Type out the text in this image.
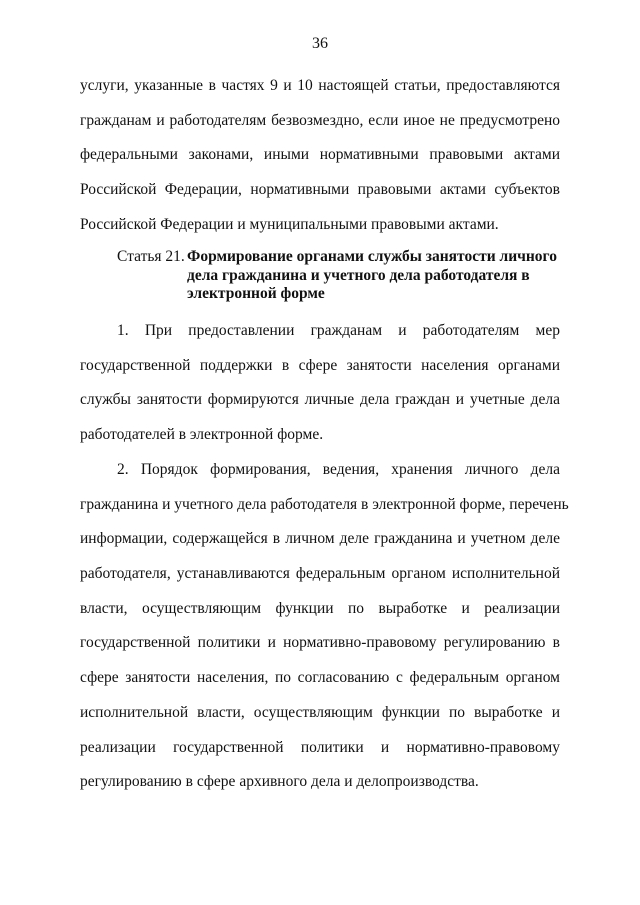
36
услуги, указанные в частях 9 и 10 настоящей статьи, предоставляются
гражданам и работодателям безвозмездно, если иное не предусмотрено
федеральными законами, иными нормативными правовыми актами
Российской Федерации, нормативными правовыми актами субъектов
Российской Федерации и муниципальными правовыми актами.
Статья 21. Формирование органами службы занятости личного
дела гражданина и учетного дела работодателя в
электронной форме
1. При предоставлении гражданам и работодателям мер
государственной поддержки в сфере занятости населения органами
службы занятости формируются личные дела граждан и учетные дела
работодателей в электронной форме.
2. Порядок формирования, ведения, хранения личного дела
гражданина и учетного дела работодателя в электронной форме, перечень
информации, содержащейся в личном деле гражданина и учетном деле
работодателя, устанавливаются федеральным органом исполнительной
власти, осуществляющим функции по выработке и реализации
государственной политики и нормативно-правовому регулированию в
сфере занятости населения, по согласованию с федеральным органом
исполнительной власти, осуществляющим функции по выработке и
реализации государственной политики и нормативно-правовому
регулированию в сфере архивного дела и делопроизводства.
